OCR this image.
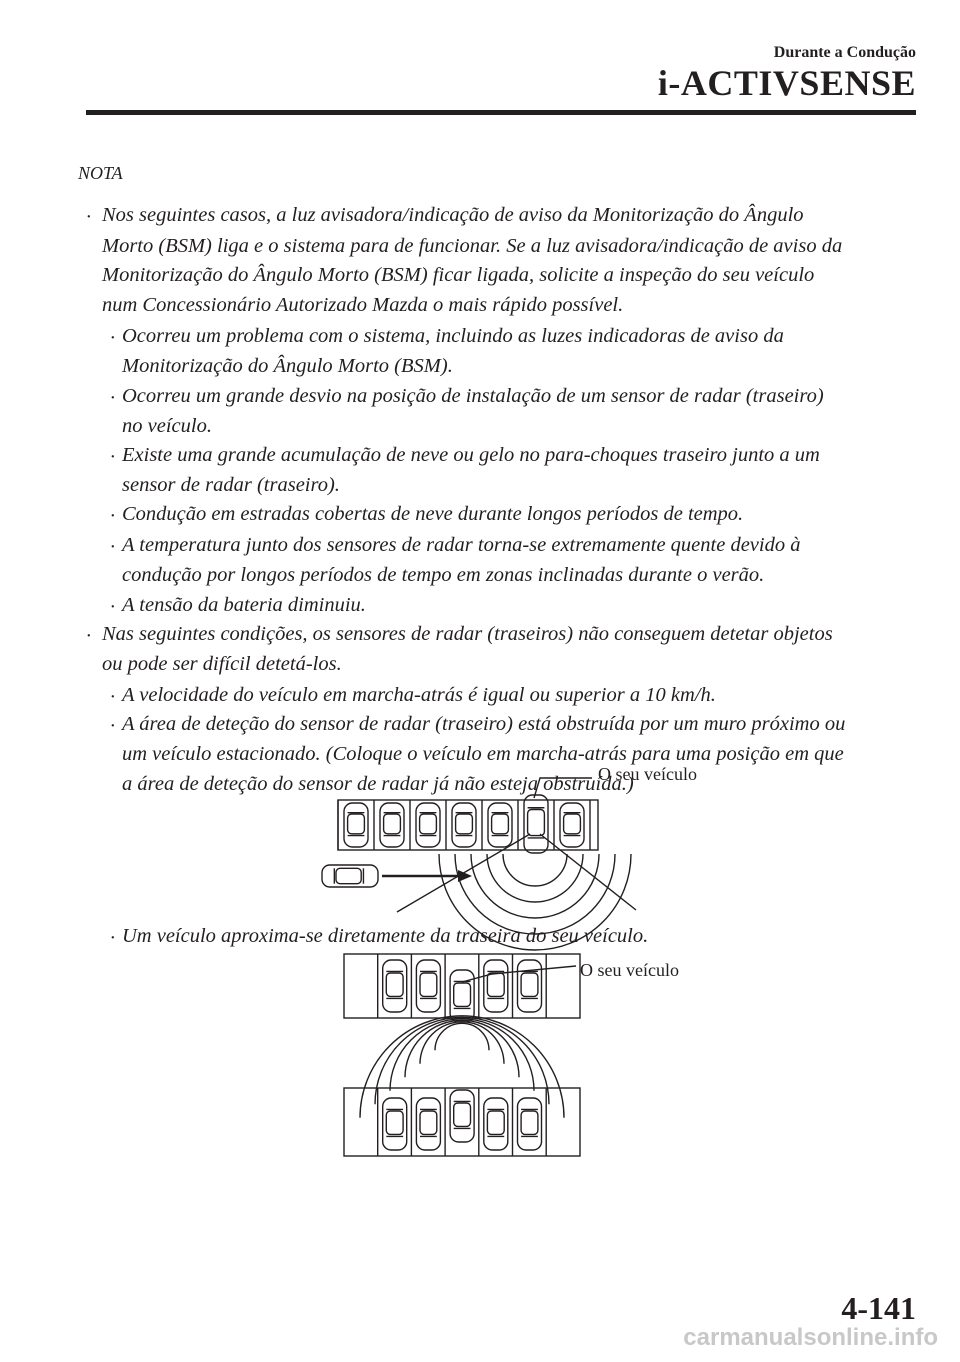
Durante a Condução
i-ACTIVSENSE
NOTA
· Nos seguintes casos, a luz avisadora/indicação de aviso da Monitorização do Ângulo
Morto (BSM) liga e o sistema para de funcionar. Se a luz avisadora/indicação de aviso da
Monitorização do Ângulo Morto (BSM) ficar ligada, solicite a inspeção do seu veículo
num Concessionário Autorizado Mazda o mais rápido possível.
· Ocorreu um problema com o sistema, incluindo as luzes indicadoras de aviso da
Monitorização do Ângulo Morto (BSM).
· Ocorreu um grande desvio na posição de instalação de um sensor de radar (traseiro)
no veículo.
· Existe uma grande acumulação de neve ou gelo no para-choques traseiro junto a um
sensor de radar (traseiro).
· Condução em estradas cobertas de neve durante longos períodos de tempo.
· A temperatura junto dos sensores de radar torna-se extremamente quente devido à
condução por longos períodos de tempo em zonas inclinadas durante o verão.
· A tensão da bateria diminuiu.
· Nas seguintes condições, os sensores de radar (traseiros) não conseguem detetar objetos
ou pode ser difícil detetá-los.
· A velocidade do veículo em marcha-atrás é igual ou superior a 10 km/h.
· A área de deteção do sensor de radar (traseiro) está obstruída por um muro próximo ou
um veículo estacionado. (Coloque o veículo em marcha-atrás para uma posição em que
a área de deteção do sensor de radar já não esteja obstruída.)
O seu veículo
· Um veículo aproxima-se diretamente da traseira do seu veículo.
O seu veículo
4-141
carmanualsonline.info
